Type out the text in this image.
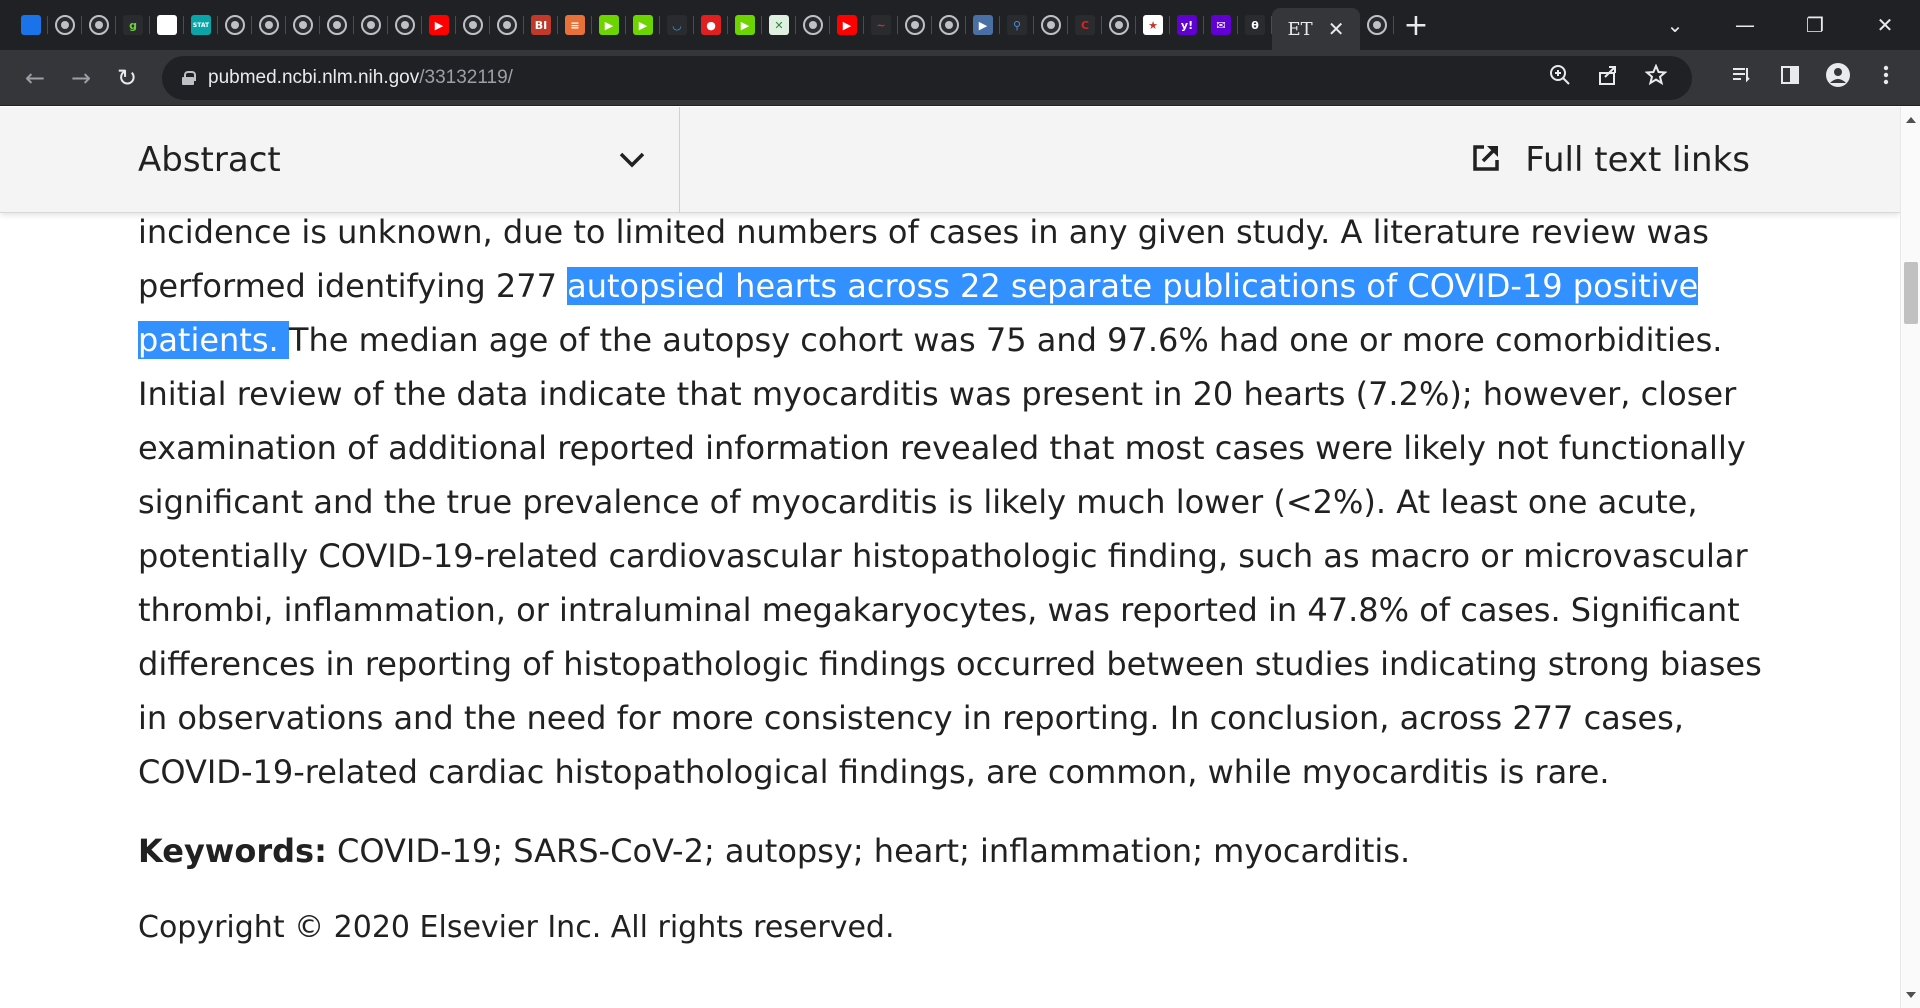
g	STAT	▶	BI	≡	▶	▶	◡	●	▶	✕	▶	~	▶	⚲	C	★	y!	✉	θ	ET ✕	+	⌄	—	❐	✕
←	→	↻	pubmed.ncbi.nlm.nih.gov /33132119/
incidence is unknown, due to limited numbers of cases in any given study. A literature review was
performed identifying 277 autopsied hearts across 22 separate publications of COVID-19 positive
patients. The median age of the autopsy cohort was 75 and 97.6% had one or more comorbidities.
Initial review of the data indicate that myocarditis was present in 20 hearts (7.2%); however, closer
examination of additional reported information revealed that most cases were likely not functionally
significant and the true prevalence of myocarditis is likely much lower (<2%). At least one acute,
potentially COVID-19-related cardiovascular histopathologic finding, such as macro or microvascular
thrombi, inflammation, or intraluminal megakaryocytes, was reported in 47.8% of cases. Significant
differences in reporting of histopathologic findings occurred between studies indicating strong biases
in observations and the need for more consistency in reporting. In conclusion, across 277 cases,
COVID-19-related cardiac histopathological findings, are common, while myocarditis is rare.
Keywords: COVID-19; SARS-CoV-2; autopsy; heart; inflammation; myocarditis.
Copyright © 2020 Elsevier Inc. All rights reserved.
Abstract	Full text links
